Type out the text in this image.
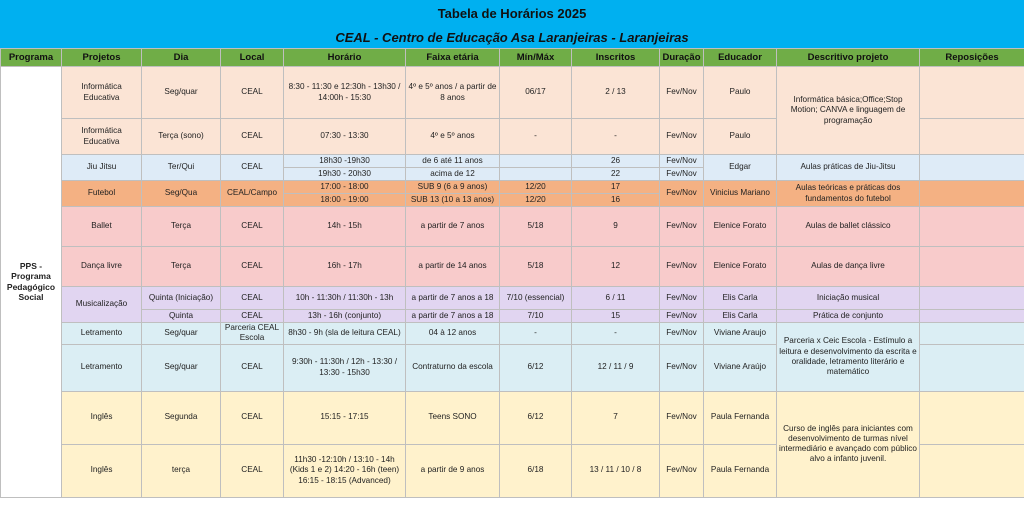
Tabela de Horários 2025
CEAL - Centro de Educação Asa Laranjeiras - Laranjeiras
Programa	Projetos	Dia	Local	Horário	Faixa etária	Mín/Máx	Inscritos	Duração	Educador	Descritivo projeto	Reposições
PPS -Programa Pedagógico Social	Informática Educativa	Seg/quar	CEAL	8:30 - 11:30 e 12:30h - 13h30 / 14:00h - 15:30	4º e 5º anos / a partir de 8 anos	06/17	2 / 13	Fev/Nov	Paulo	Informática básica;Office;Stop Motion; CANVA e linguagem de programação	
	Informática Educativa	Terça (sono)	CEAL	07:30 - 13:30	4º e 5º anos	-	-	Fev/Nov	Paulo		
	Jiu Jitsu	Ter/Qui	CEAL	18h30 -19h30	de 6 até 11 anos		26	Fev/Nov	Edgar	Aulas práticas de Jiu-Jitsu	
				19h30 - 20h30	acima de 12		22	Fev/Nov			
	Futebol	Seg/Qua	CEAL/Campo	17:00 - 18:00	SUB 9 (6 a 9 anos)	12/20	17	Fev/Nov	Vinicius Mariano	Aulas teóricas e práticas dos fundamentos do futebol	
				18:00 - 19:00	SUB 13 (10 a 13 anos)	12/20	16				
	Ballet	Terça	CEAL	14h - 15h	a partir de 7 anos	5/18	9	Fev/Nov	Elenice Forato	Aulas de ballet clássico	
	Dança livre	Terça	CEAL	16h - 17h	a partir de 14 anos	5/18	12	Fev/Nov	Elenice Forato	Aulas de dança livre	
	Musicalização	Quinta (Iniciação)	CEAL	10h - 11:30h / 11:30h - 13h	a partir de 7 anos a 18	7/10 (essencial)	6 / 11	Fev/Nov	Elis Carla	Iniciação musical	
		Quinta	CEAL	13h - 16h (conjunto)	a partir de 7 anos a 18	7/10	15	Fev/Nov	Elis Carla	Prática de conjunto	
	Letramento	Seg/quar	Parceria CEAL Escola	8h30 - 9h (sla de leitura CEAL)	04 à 12 anos	-	-	Fev/Nov	Viviane Araujo	Parceria x Ceic Escola - Estímulo a leitura e desenvolvimento da escrita e oralidade, letramento literário e matemático	
	Letramento	Seg/quar	CEAL	9:30h - 11:30h / 12h - 13:30 / 13:30 - 15h30	Contraturno da escola	6/12	12 / 11 / 9	Fev/Nov	Viviane Araújo		
	Inglês	Segunda	CEAL	15:15 - 17:15	Teens SONO	6/12	7	Fev/Nov	Paula Fernanda	Curso de inglês para iniciantes com desenvolvimento de turmas nível intermediário e avançado com público alvo a infanto juvenil.	
	Inglês	terça	CEAL	11h30 -12:10h / 13:10 - 14h (Kids 1 e 2) 14:20 - 16h (teen) 16:15 - 18:15 (Advanced)	a partir de 9 anos	6/18	13 / 11 / 10 / 8	Fev/Nov	Paula Fernanda		
